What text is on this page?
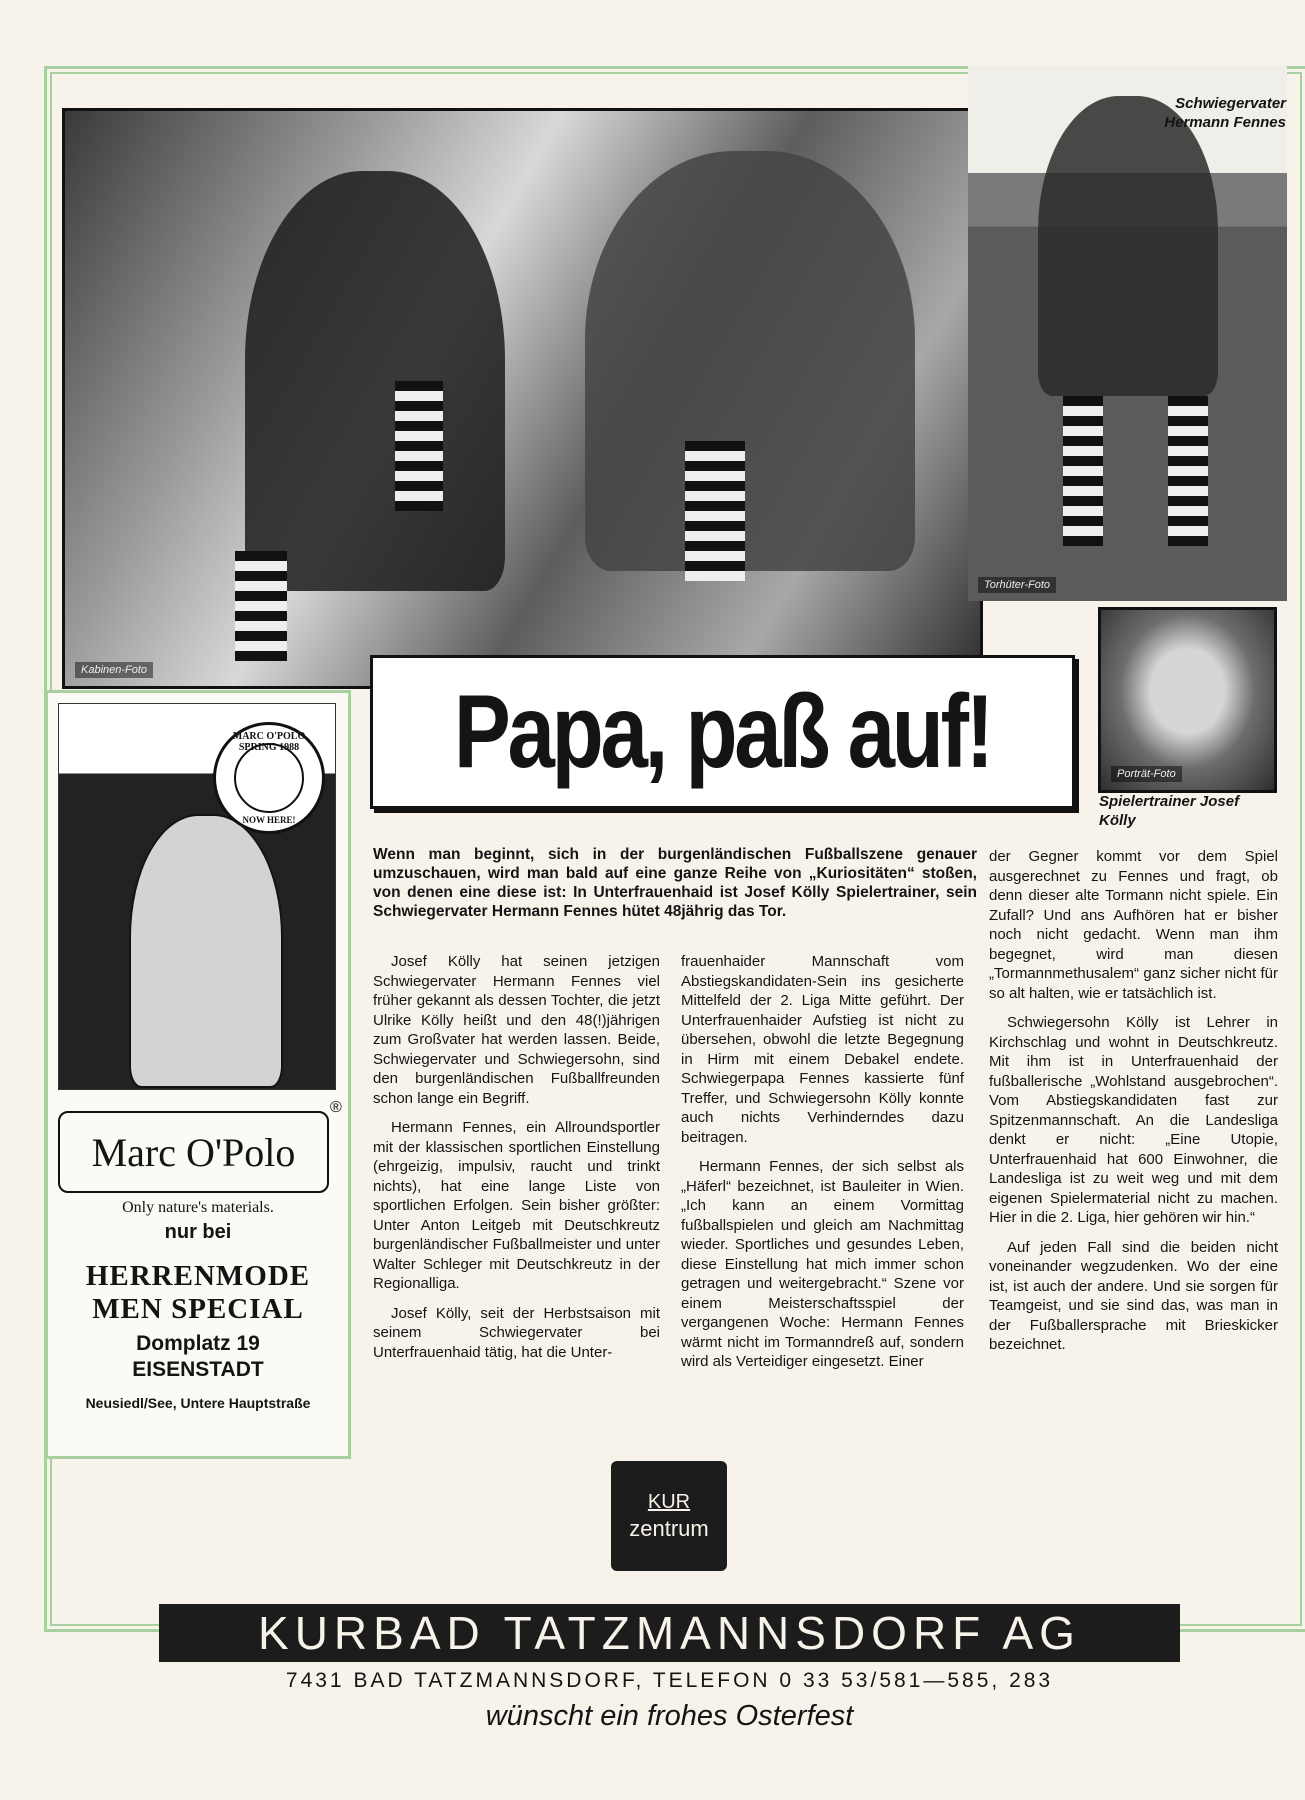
Kabinen-Foto
Torhüter-Foto
Schwiegervater Hermann Fennes
Porträt-Foto
Spielertrainer Josef Kölly
Papa, paß auf!
Wenn man beginnt, sich in der burgenländischen Fußballszene genauer umzuschauen, wird man bald auf eine ganze Reihe von „Kuriositäten“ stoßen, von denen eine diese ist: In Unterfrauenhaid ist Josef Kölly Spielertrainer, sein Schwiegervater Hermann Fennes hütet 48jährig das Tor.

Josef Kölly hat seinen jetzigen Schwiegervater Hermann Fennes viel früher gekannt als dessen Tochter, die jetzt Ulrike Kölly heißt und den 48(!)jährigen zum Großvater hat werden lassen. Beide, Schwiegervater und Schwiegersohn, sind den burgenländischen Fußballfreunden schon lange ein Begriff.

Hermann Fennes, ein Allroundsportler mit der klassischen sportlichen Einstellung (ehrgeizig, impulsiv, raucht und trinkt nichts), hat eine lange Liste von sportlichen Erfolgen. Sein bisher größter: Unter Anton Leitgeb mit Deutschkreutz burgenländischer Fußballmeister und unter Walter Schleger mit Deutschkreutz in der Regionalliga.

Josef Kölly, seit der Herbstsaison mit seinem Schwiegervater bei Unterfrauenhaid tätig, hat die Unter-

frauenhaider Mannschaft vom Abstiegskandidaten-Sein ins gesicherte Mittelfeld der 2. Liga Mitte geführt. Der Unterfrauenhaider Aufstieg ist nicht zu übersehen, obwohl die letzte Begegnung in Hirm mit einem Debakel endete. Schwiegerpapa Fennes kassierte fünf Treffer, und Schwiegersohn Kölly konnte auch nichts Verhinderndes dazu beitragen.

Hermann Fennes, der sich selbst als „Häferl“ bezeichnet, ist Bauleiter in Wien. „Ich kann an einem Vormittag fußballspielen und gleich am Nachmittag wieder. Sportliches und gesundes Leben, diese Einstellung hat mich immer schon getragen und weitergebracht.“ Szene vor einem Meisterschaftsspiel der vergangenen Woche: Hermann Fennes wärmt nicht im Tormanndreß auf, sondern wird als Verteidiger eingesetzt. Einer

der Gegner kommt vor dem Spiel ausgerechnet zu Fennes und fragt, ob denn dieser alte Tormann nicht spiele. Ein Zufall? Und ans Aufhören hat er bisher noch nicht gedacht. Wenn man ihm begegnet, wird man diesen „Tormannmethusalem“ ganz sicher nicht für so alt halten, wie er tatsächlich ist.

Schwiegersohn Kölly ist Lehrer in Kirchschlag und wohnt in Deutschkreutz. Mit ihm ist in Unterfrauenhaid der fußballerische „Wohlstand ausgebrochen“. Vom Abstiegskandidaten fast zur Spitzenmannschaft. An die Landesliga denkt er nicht: „Eine Utopie, Unterfrauenhaid hat 600 Einwohner, die Landesliga ist zu weit weg und mit dem eigenen Spielermaterial nicht zu machen. Hier in die 2. Liga, hier gehören wir hin.“

Auf jeden Fall sind die beiden nicht voneinander wegzudenken. Wo der eine ist, ist auch der andere. Und sie sorgen für Teamgeist, und sie sind das, was man in der Fußballersprache mit Brieskicker bezeichnet.

MARC O'POLO SPRING 1988
NOW HERE!
Marc O'Polo
®
Only nature's materials.
nur bei
HERRENMODE
MEN SPECIAL
Domplatz 19
EISENSTADT
Neusiedl/See, Untere Hauptstraße
KUR
zentrum
KURBAD TATZMANNSDORF AG
7431 BAD TATZMANNSDORF, TELEFON 0 33 53/581—585, 283
wünscht ein frohes Osterfest
